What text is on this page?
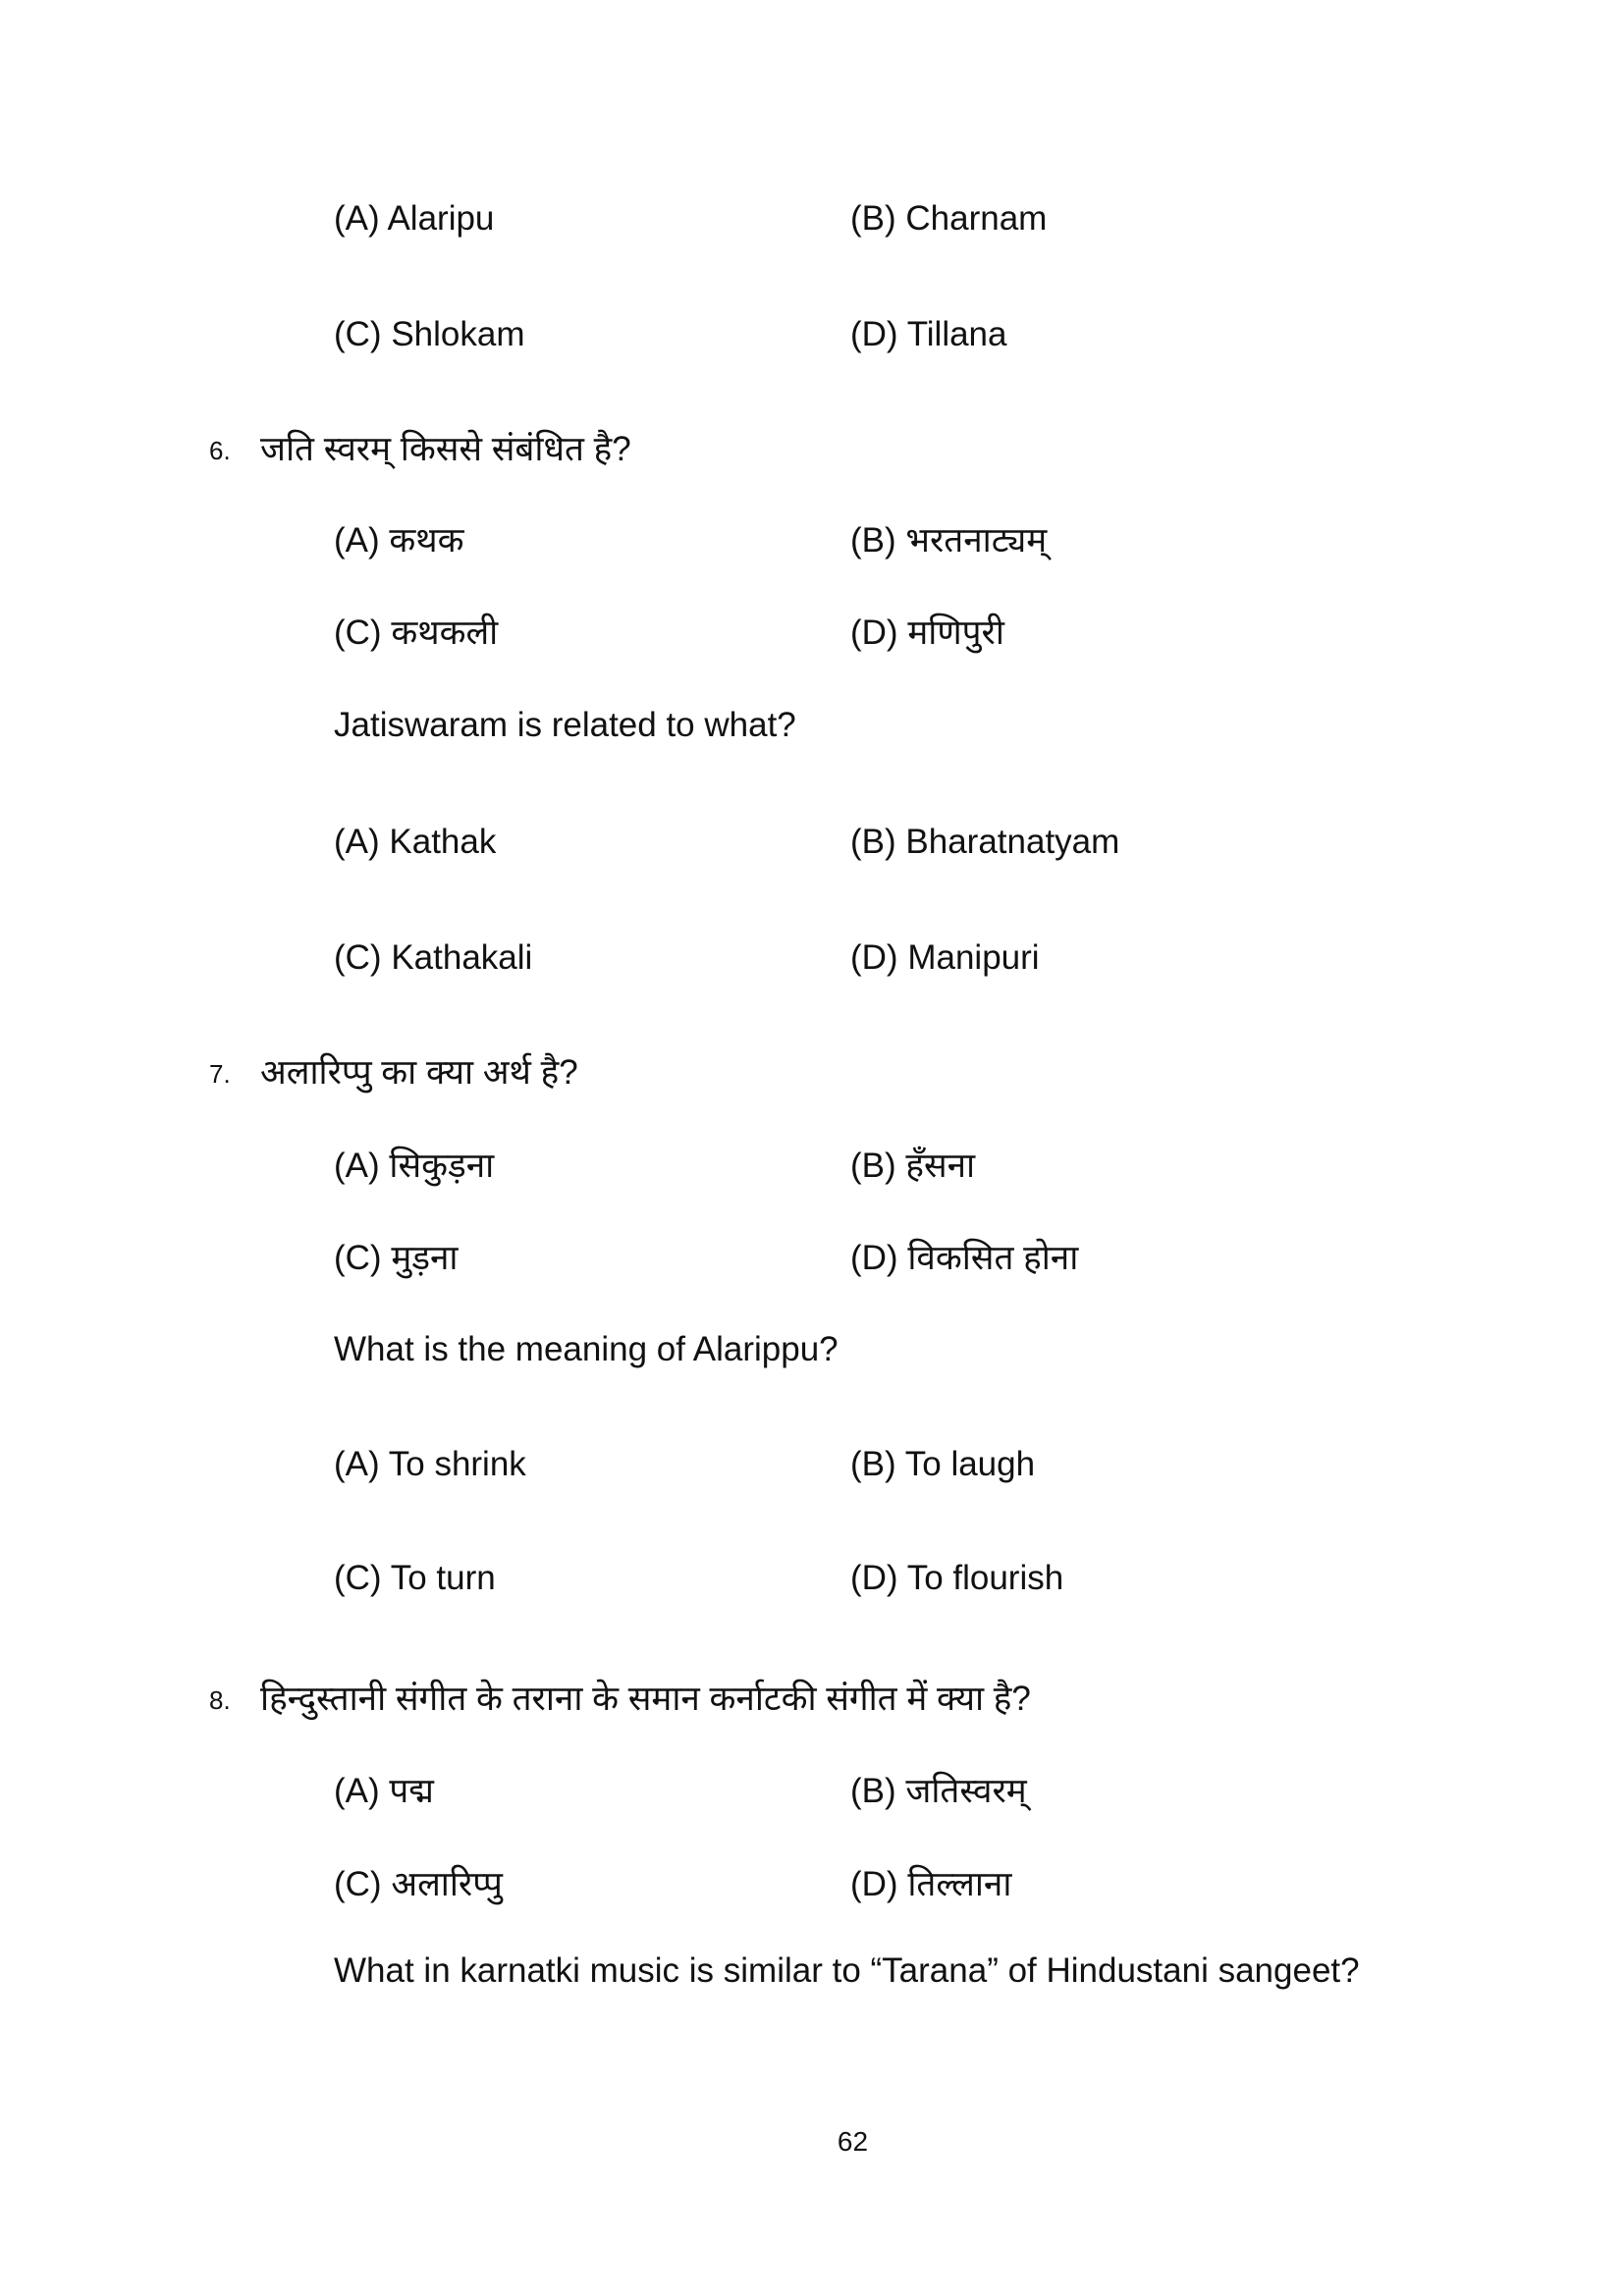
(A) Alaripu	(B) Charnam
(C) Shlokam	(D) Tillana
6. जति स्वरम् किससे संबंधित है?
(A) कथक	(B) भरतनाट्यम्
(C) कथकली	(D) मणिपुरी
Jatiswaram is related to what?
(A) Kathak	(B) Bharatnatyam
(C) Kathakali	(D) Manipuri
7. अलारिप्पु का क्या अर्थ है?
(A) सिकुड़ना	(B) हँसना
(C) मुड़ना	(D) विकसित होना
What is the meaning of Alarippu?
(A) To shrink	(B) To laugh
(C) To turn	(D) To flourish
8. हिन्दुस्तानी संगीत के तराना के समान कर्नाटकी संगीत में क्या है?
(A) पद्म	(B) जतिस्वरम्
(C) अलारिप्पु	(D) तिल्लाना
What in karnatki music is similar to “Tarana” of Hindustani sangeet?
62
